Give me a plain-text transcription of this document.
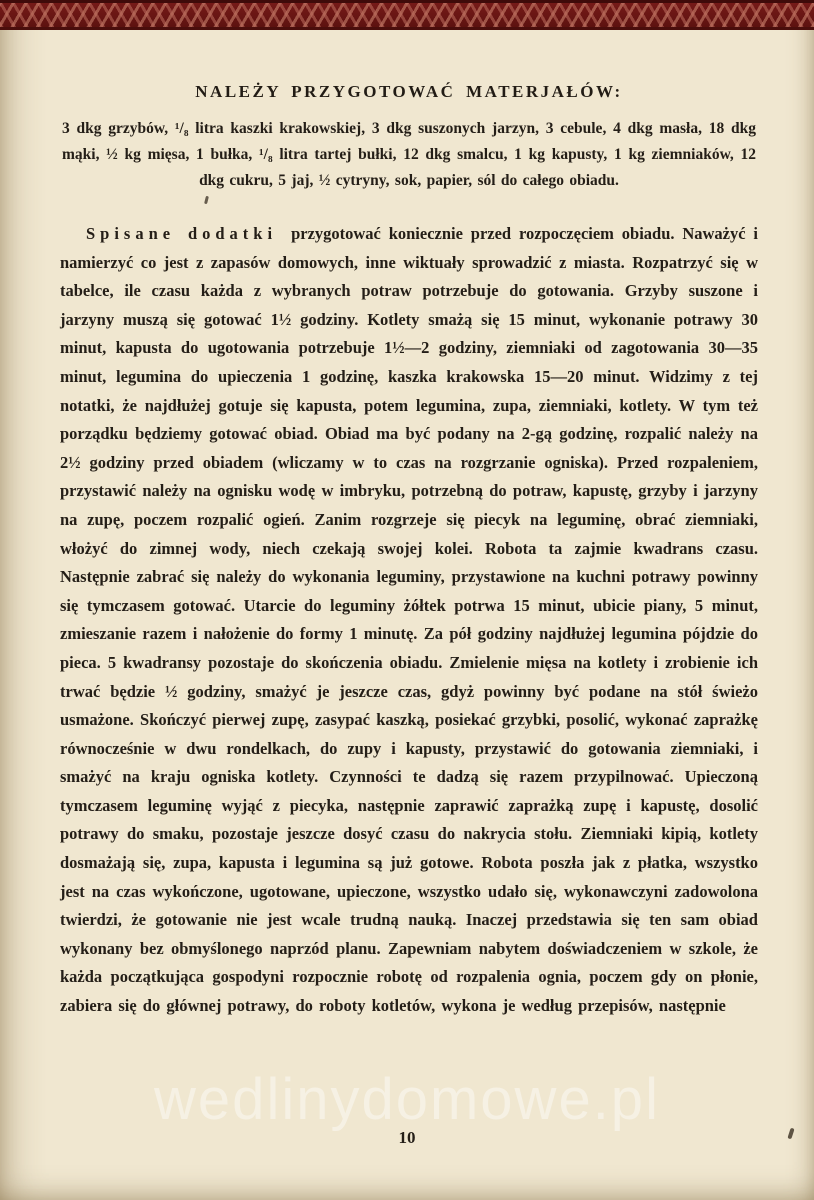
NALEŻY PRZYGOTOWAĆ MATERJAŁÓW:

3 dkg grzybów, ¹/₈ litra kaszki krakowskiej, 3 dkg suszonych jarzyn, 3 cebule, 4 dkg masła, 18 dkg mąki, ½ kg mięsa, 1 bułka, ¹/₈ litra tartej bułki, 12 dkg smalcu, 1 kg kapusty, 1 kg ziemniaków, 12 dkg cukru, 5 jaj, ½ cytryny, sok, papier, sól do całego obiadu.

Spisane dodatki przygotować koniecznie przed rozpoczęciem obiadu. Naważyć i namierzyć co jest z zapasów domowych, inne wiktuały sprowadzić z miasta. Rozpatrzyć się w tabelce, ile czasu każda z wybranych potraw potrzebuje do gotowania. Grzyby suszone i jarzyny muszą się gotować 1½ godziny. Kotlety smażą się 15 minut, wykonanie potrawy 30 minut, kapusta do ugotowania potrzebuje 1½—2 godziny, ziemniaki od zagotowania 30—35 minut, legumina do upieczenia 1 godzinę, kaszka krakowska 15—20 minut. Widzimy z tej notatki, że najdłużej gotuje się kapusta, potem legumina, zupa, ziemniaki, kotlety. W tym też porządku będziemy gotować obiad. Obiad ma być podany na 2-gą godzinę, rozpalić należy na 2½ godziny przed obiadem (wliczamy w to czas na rozgrzanie ogniska). Przed rozpaleniem, przystawić należy na ognisku wodę w imbryku, potrzebną do potraw, kapustę, grzyby i jarzyny na zupę, poczem rozpalić ogień. Zanim rozgrzeje się piecyk na leguminę, obrać ziemniaki, włożyć do zimnej wody, niech czekają swojej kolei. Robota ta zajmie kwadrans czasu. Następnie zabrać się należy do wykonania leguminy, przystawione na kuchni potrawy powinny się tymczasem gotować. Utarcie do leguminy żółtek potrwa 15 minut, ubicie piany, 5 minut, zmieszanie razem i nałożenie do formy 1 minutę. Za pół godziny najdłużej legumina pójdzie do pieca. 5 kwadransy pozostaje do skończenia obiadu. Zmielenie mięsa na kotlety i zrobienie ich trwać będzie ½ godziny, smażyć je jeszcze czas, gdyż powinny być podane na stół świeżo usmażone. Skończyć pierwej zupę, zasypać kaszką, posiekać grzybki, posolić, wykonać zaprażkę równocześnie w dwu rondelkach, do zupy i kapusty, przystawić do gotowania ziemniaki, i smażyć na kraju ogniska kotlety. Czynności te dadzą się razem przypilnować. Upieczoną tymczasem leguminę wyjąć z piecyka, następnie zaprawić zaprażką zupę i kapustę, dosolić potrawy do smaku, pozostaje jeszcze dosyć czasu do nakrycia stołu. Ziemniaki kipią, kotlety dosmażają się, zupa, kapusta i legumina są już gotowe. Robota poszła jak z płatka, wszystko jest na czas wykończone, ugotowane, upieczone, wszystko udało się, wykonawczyni zadowolona twierdzi, że gotowanie nie jest wcale trudną nauką. Inaczej przedstawia się ten sam obiad wykonany bez obmyślonego naprzód planu. Zapewniam nabytem doświadczeniem w szkole, że każda początkująca gospodyni rozpocznie robotę od rozpalenia ognia, poczem gdy on płonie, zabiera się do głównej potrawy, do roboty kotletów, wykona je według przepisów, następnie

10
wedlinydomowe.pl
